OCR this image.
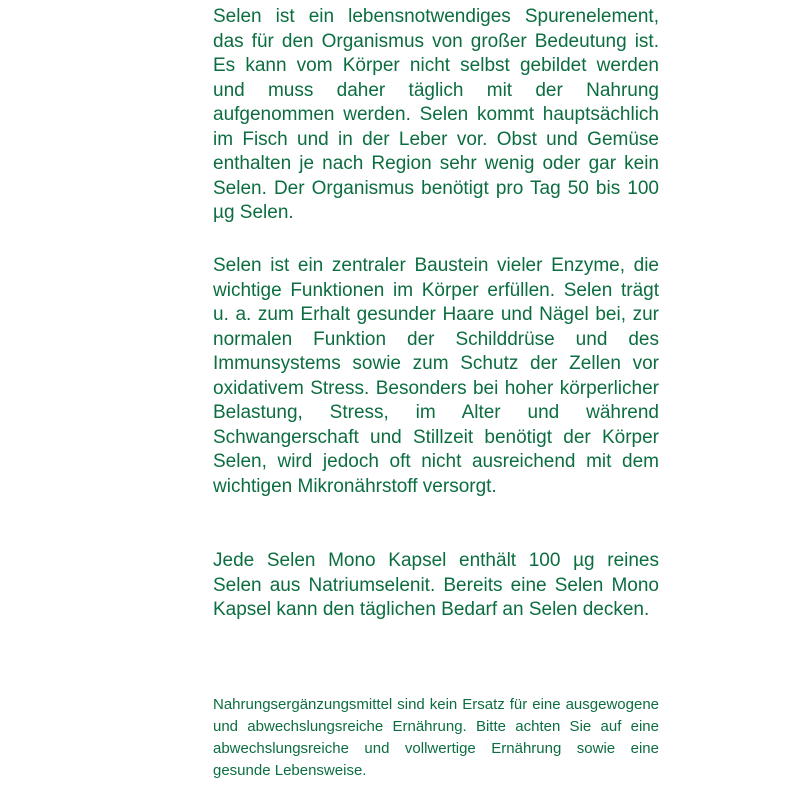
Selen ist ein lebensnotwendiges Spurenelement, das für den Organismus von großer Bedeutung ist. Es kann vom Körper nicht selbst gebildet werden und muss daher täglich mit der Nahrung aufgenommen werden. Selen kommt hauptsächlich im Fisch und in der Leber vor. Obst und Gemüse enthalten je nach Region sehr wenig oder gar kein Selen. Der Organismus benötigt pro Tag 50 bis 100 µg Selen.

Selen ist ein zentraler Baustein vieler Enzyme, die wichtige Funktionen im Körper erfüllen. Selen trägt u. a. zum Erhalt gesunder Haare und Nägel bei, zur normalen Funktion der Schilddrüse und des Immunsystems sowie zum Schutz der Zellen vor oxidativem Stress. Besonders bei hoher körperlicher Belastung, Stress, im Alter und während Schwangerschaft und Stillzeit benötigt der Körper Selen, wird jedoch oft nicht ausreichend mit dem wichtigen Mikronährstoff versorgt.

Jede Selen Mono Kapsel enthält 100 µg reines Selen aus Natriumselenit. Bereits eine Selen Mono Kapsel kann den täglichen Bedarf an Selen decken.

Nahrungsergänzungsmittel sind kein Ersatz für eine ausgewogene und abwechslungsreiche Ernährung. Bitte achten Sie auf eine abwechslungsreiche und vollwertige Ernährung sowie eine gesunde Lebensweise.
